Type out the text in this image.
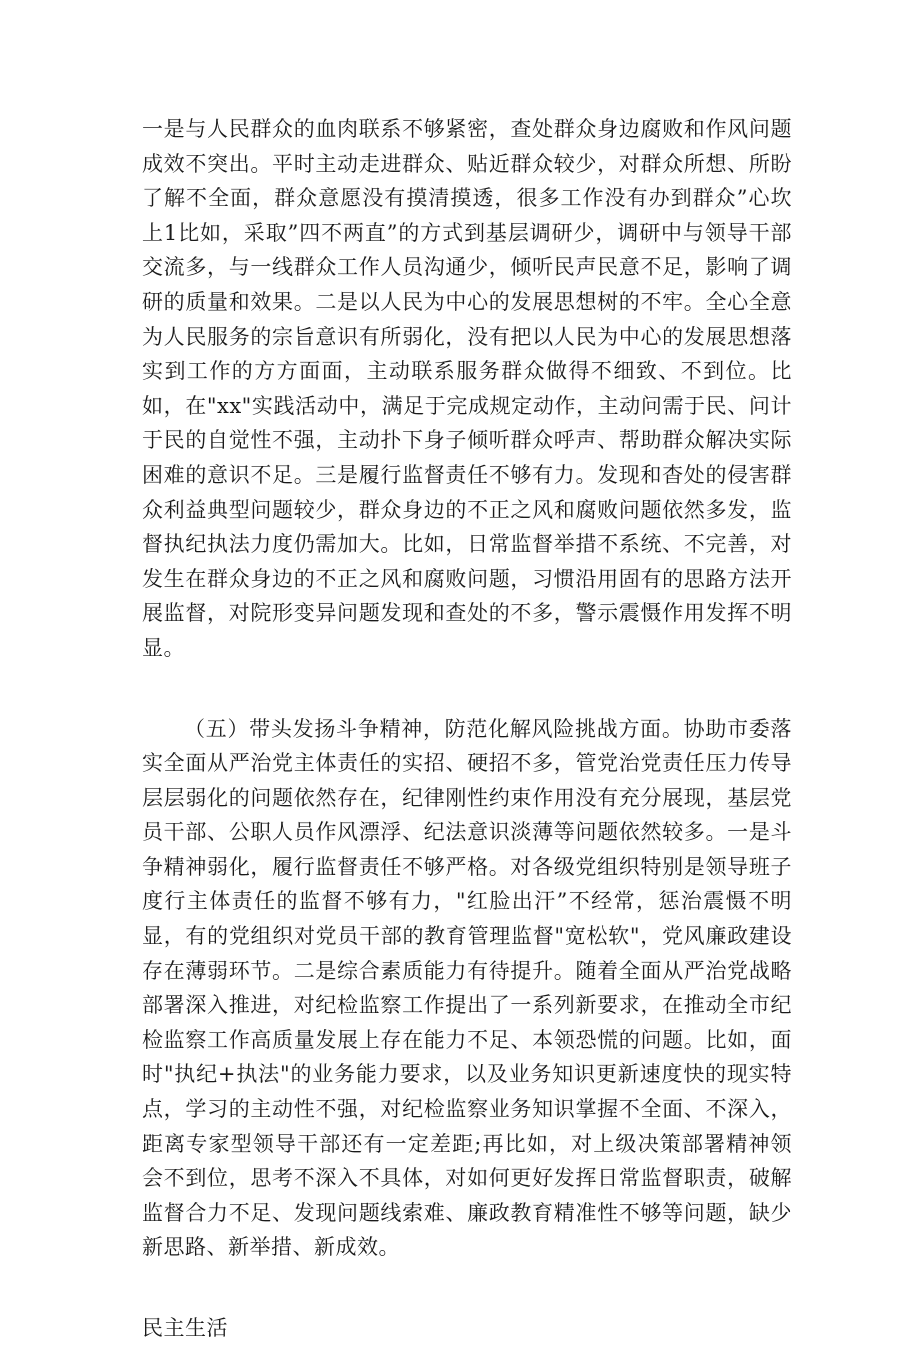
一是与人民群众的血肉联系不够紧密，查处群众身边腐败和作风问题成效不突出。平时主动走进群众、贴近群众较少，对群众所想、所盼了解不全面，群众意愿没有摸清摸透，很多工作没有办到群众”心坎上1比如，采取”四不两直”的方式到基层调研少，调研中与领导干部交流多，与一线群众工作人员沟通少，倾听民声民意不足，影响了调研的质量和效果。二是以人民为中心的发展思想树的不牢。全心全意为人民服务的宗旨意识有所弱化，没有把以人民为中心的发展思想落实到工作的方方面面，主动联系服务群众做得不细致、不到位。比如，在"xx"实践活动中，满足于完成规定动作，主动问需于民、问计于民的自觉性不强，主动扑下身子倾听群众呼声、帮助群众解决实际困难的意识不足。三是履行监督责任不够有力。发现和杳处的侵害群众利益典型问题较少，群众身边的不正之风和腐败问题依然多发，监督执纪执法力度仍需加大。比如，日常监督举措不系统、不完善，对发生在群众身边的不正之风和腐败问题，习惯沿用固有的思路方法开展监督，对院形变异问题发现和查处的不多，警示震慑作用发挥不明显。

（五）带头发扬斗争精神，防范化解风险挑战方面。协助市委落实全面从严治党主体责任的实招、硬招不多，管党治党责任压力传导层层弱化的问题依然存在，纪律刚性约束作用没有充分展现，基层党员干部、公职人员作风漂浮、纪法意识淡薄等问题依然较多。一是斗争精神弱化，履行监督责任不够严格。对各级党组织特别是领导班子度行主体责任的监督不够有力，"红脸出汗”不经常，惩治震慑不明显，有的党组织对党员干部的教育管理监督"宽松软"，党风廉政建设存在薄弱环节。二是综合素质能力有待提升。随着全面从严治党战略部署深入推进，对纪检监察工作提出了一系列新要求，在推动全市纪检监察工作高质量发展上存在能力不足、本领恐慌的问题。比如，面时"执纪+执法"的业务能力要求，以及业务知识更新速度快的现实特点，学习的主动性不强，对纪检监察业务知识掌握不全面、不深入，距离专家型领导干部还有一定差距;再比如，对上级决策部署精神领会不到位，思考不深入不具体，对如何更好发挥日常监督职责，破解监督合力不足、发现问题线索难、廉政教育精准性不够等问题，缺少新思路、新举措、新成效。

民主生活
